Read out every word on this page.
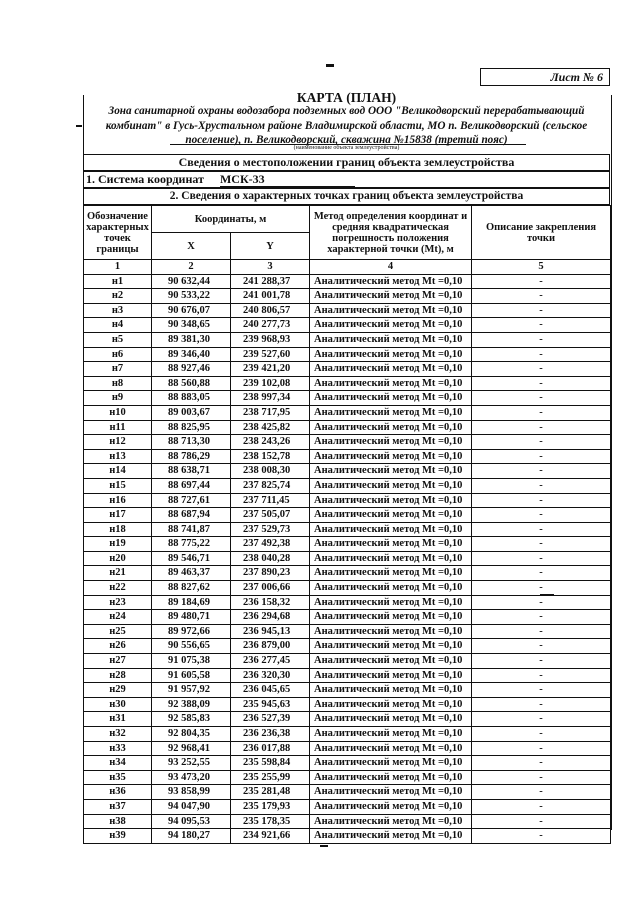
Лист № 6
КАРТА (ПЛАН)
Зона санитарной охраны водозабора подземных вод ООО "Великодворский перерабатывающий
комбинат" в Гусь-Хрустальном районе Владимирской области, МО п. Великодворский (сельское
поселение), п. Великодворский, скважина №15838 (третий пояс)
(наименование объекта землеустройства)
Сведения о местоположении границ объекта землеустройства
1. Система координат МСК-33
2. Сведения о характерных точках границ объекта землеустройства
Обозначение характерных точек границы	Координаты, м		Метод определения координат и средняя квадратическая погрешность положения характерной точки (Mt), м	Описание закрепления точки
	X	Y		
1	2	3	4	5
н1	90 632,44	241 288,37	Аналитический метод Mt =0,10	-
н2	90 533,22	241 001,78	Аналитический метод Mt =0,10	-
н3	90 676,07	240 806,57	Аналитический метод Mt =0,10	-
н4	90 348,65	240 277,73	Аналитический метод Mt =0,10	-
н5	89 381,30	239 968,93	Аналитический метод Mt =0,10	-
н6	89 346,40	239 527,60	Аналитический метод Mt =0,10	-
н7	88 927,46	239 421,20	Аналитический метод Mt =0,10	-
н8	88 560,88	239 102,08	Аналитический метод Mt =0,10	-
н9	88 883,05	238 997,34	Аналитический метод Mt =0,10	-
н10	89 003,67	238 717,95	Аналитический метод Mt =0,10	-
н11	88 825,95	238 425,82	Аналитический метод Mt =0,10	-
н12	88 713,30	238 243,26	Аналитический метод Mt =0,10	-
н13	88 786,29	238 152,78	Аналитический метод Mt =0,10	-
н14	88 638,71	238 008,30	Аналитический метод Mt =0,10	-
н15	88 697,44	237 825,74	Аналитический метод Mt =0,10	-
н16	88 727,61	237 711,45	Аналитический метод Mt =0,10	-
н17	88 687,94	237 505,07	Аналитический метод Mt =0,10	-
н18	88 741,87	237 529,73	Аналитический метод Mt =0,10	-
н19	88 775,22	237 492,38	Аналитический метод Mt =0,10	-
н20	89 546,71	238 040,28	Аналитический метод Mt =0,10	-
н21	89 463,37	237 890,23	Аналитический метод Mt =0,10	-
н22	88 827,62	237 006,66	Аналитический метод Mt =0,10	-
н23	89 184,69	236 158,32	Аналитический метод Mt =0,10	-
н24	89 480,71	236 294,68	Аналитический метод Mt =0,10	-
н25	89 972,66	236 945,13	Аналитический метод Mt =0,10	-
н26	90 556,65	236 879,00	Аналитический метод Mt =0,10	-
н27	91 075,38	236 277,45	Аналитический метод Mt =0,10	-
н28	91 605,58	236 320,30	Аналитический метод Mt =0,10	-
н29	91 957,92	236 045,65	Аналитический метод Mt =0,10	-
н30	92 388,09	235 945,63	Аналитический метод Mt =0,10	-
н31	92 585,83	236 527,39	Аналитический метод Mt =0,10	-
н32	92 804,35	236 236,38	Аналитический метод Mt =0,10	-
н33	92 968,41	236 017,88	Аналитический метод Mt =0,10	-
н34	93 252,55	235 598,84	Аналитический метод Mt =0,10	-
н35	93 473,20	235 255,99	Аналитический метод Mt =0,10	-
н36	93 858,99	235 281,48	Аналитический метод Mt =0,10	-
н37	94 047,90	235 179,93	Аналитический метод Mt =0,10	-
н38	94 095,53	235 178,35	Аналитический метод Mt =0,10	-
н39	94 180,27	234 921,66	Аналитический метод Mt =0,10	-
